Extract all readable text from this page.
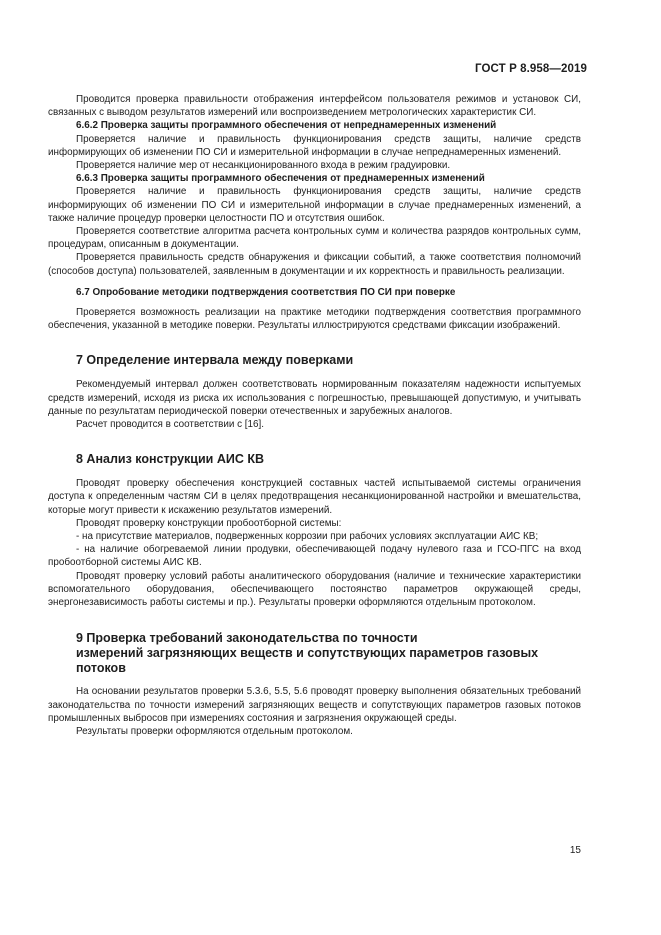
ГОСТ Р 8.958—2019

Проводится проверка правильности отображения интерфейсом пользователя режимов и установок СИ, связанных с выводом результатов измерений или воспроизведением метрологических характеристик СИ.

6.6.2 Проверка защиты программного обеспечения от непреднамеренных изменений

Проверяется наличие и правильность функционирования средств защиты, наличие средств информирующих об изменении ПО СИ и измерительной информации в случае непреднамеренных изменений.

Проверяется наличие мер от несанкционированного входа в режим градуировки.

6.6.3 Проверка защиты программного обеспечения от преднамеренных изменений

Проверяется наличие и правильность функционирования средств защиты, наличие средств информирующих об изменении ПО СИ и измерительной информации в случае преднамеренных изменений, а также наличие процедур проверки целостности ПО и отсутствия ошибок.

Проверяется соответствие алгоритма расчета контрольных сумм и количества разрядов контрольных сумм, процедурам, описанным в документации.

Проверяется правильность средств обнаружения и фиксации событий, а также соответствия полномочий (способов доступа) пользователей, заявленным в документации и их корректность и правильность реализации.

6.7 Опробование методики подтверждения соответствия ПО СИ при поверке

Проверяется возможность реализации на практике методики подтверждения соответствия программного обеспечения, указанной в методике поверки. Результаты иллюстрируются средствами фиксации изображений.

7 Определение интервала между поверками

Рекомендуемый интервал должен соответствовать нормированным показателям надежности испытуемых средств измерений, исходя из риска их использования с погрешностью, превышающей допустимую, и учитывать данные по результатам периодической поверки отечественных и зарубежных аналогов.

Расчет проводится в соответствии с [16].

8 Анализ конструкции АИС КВ

Проводят проверку обеспечения конструкцией составных частей испытываемой системы ограничения доступа к определенным частям СИ в целях предотвращения несанкционированной настройки и вмешательства, которые могут привести к искажению результатов измерений.

Проводят проверку конструкции пробоотборной системы:

- на присутствие материалов, подверженных коррозии при рабочих условиях эксплуатации АИС КВ;

- на наличие обогреваемой линии продувки, обеспечивающей подачу нулевого газа и ГСО-ПГС на вход пробоотборной системы АИС КВ.

Проводят проверку условий работы аналитического оборудования (наличие и технические характеристики вспомогательного оборудования, обеспечивающего постоянство параметров окружающей среды, энергонезависимость работы системы и пр.). Результаты проверки оформляются отдельным протоколом.

9 Проверка требований законодательства по точности
измерений загрязняющих веществ и сопутствующих параметров газовых
потоков

На основании результатов проверки 5.3.6, 5.5, 5.6 проводят проверку выполнения обязательных требований законодательства по точности измерений загрязняющих веществ и сопутствующих параметров газовых потоков промышленных выбросов при измерениях состояния и загрязнения окружающей среды.

Результаты проверки оформляются отдельным протоколом.

15
